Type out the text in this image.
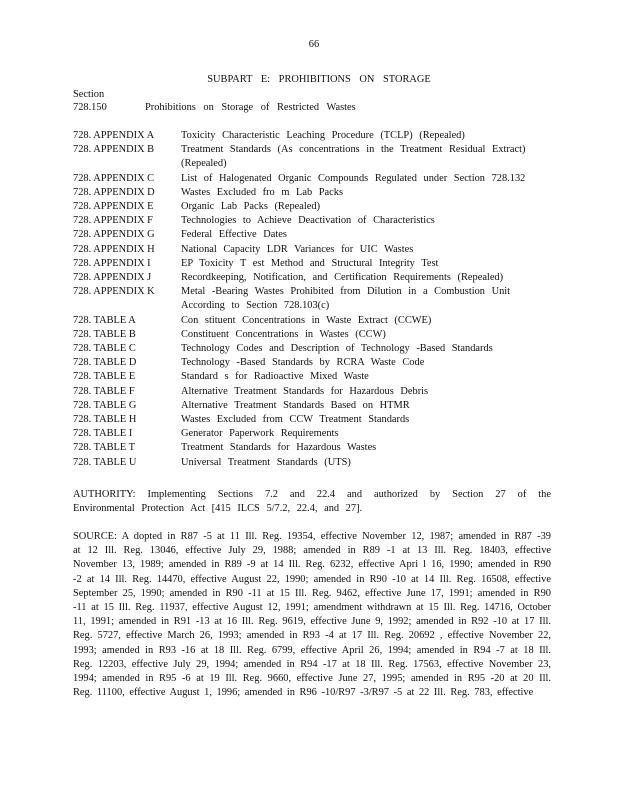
66
SUBPART E: PROHIBITIONS ON STORAGE
Section
728.150	Prohibitions on Storage of Restricted Wastes
728. APPENDIX A	Toxicity Characteristic Leaching Procedure (TCLP) (Repealed)
728. APPENDIX B	Treatment Standards (As concentrations in the Treatment Residual Extract) (Repealed)
728. APPENDIX C	List of Halogenated Organic Compounds Regulated under Section 728.132
728. APPENDIX D	Wastes Excluded fro m Lab Packs
728. APPENDIX E	Organic Lab Packs (Repealed)
728. APPENDIX F	Technologies to Achieve Deactivation of Characteristics
728. APPENDIX G	Federal Effective Dates
728. APPENDIX H	National Capacity LDR Variances for UIC Wastes
728. APPENDIX I	EP Toxicity T est Method and Structural Integrity Test
728. APPENDIX J	Recordkeeping, Notification, and Certification Requirements (Repealed)
728. APPENDIX K	Metal -Bearing Wastes Prohibited from Dilution in a Combustion Unit According to Section 728.103(c)
728. TABLE A	Con stituent Concentrations in Waste Extract (CCWE)
728. TABLE B	Constituent Concentrations in Wastes (CCW)
728. TABLE C	Technology Codes and Description of Technology -Based Standards
728. TABLE D	Technology -Based Standards by RCRA Waste Code
728. TABLE E	Standard s for Radioactive Mixed Waste
728. TABLE F	Alternative Treatment Standards for Hazardous Debris
728. TABLE G	Alternative Treatment Standards Based on HTMR
728. TABLE H	Wastes Excluded from CCW Treatment Standards
728. TABLE I	Generator Paperwork Requirements
728. TABLE T	Treatment Standards for Hazardous Wastes
728. TABLE U	Universal Treatment Standards (UTS)
AUTHORITY: Implementing Sections 7.2 and 22.4 and authorized by Section 27 of the Environmental Protection Act [415 ILCS 5/7.2, 22.4, and 27].
SOURCE: A dopted in R87 -5 at 11 Ill. Reg. 19354, effective November 12, 1987; amended in R87 -39 at 12 Ill. Reg. 13046, effective July 29, 1988; amended in R89 -1 at 13 Ill. Reg. 18403, effective November 13, 1989; amended in R89 -9 at 14 Ill. Reg. 6232, effective Apri l 16, 1990; amended in R90 -2 at 14 Ill. Reg. 14470, effective August 22, 1990; amended in R90 -10 at 14 Ill. Reg. 16508, effective September 25, 1990; amended in R90 -11 at 15 Ill. Reg. 9462, effective June 17, 1991; amended in R90 -11 at 15 Ill. Reg. 11937, effective August 12, 1991; amendment withdrawn at 15 Ill. Reg. 14716, October 11, 1991; amended in R91 -13 at 16 Ill. Reg. 9619, effective June 9, 1992; amended in R92 -10 at 17 Ill. Reg. 5727, effective March 26, 1993; amended in R93 -4 at 17 Ill. Reg. 20692 , effective November 22, 1993; amended in R93 -16 at 18 Ill. Reg. 6799, effective April 26, 1994; amended in R94 -7 at 18 Ill. Reg. 12203, effective July 29, 1994; amended in R94 -17 at 18 Ill. Reg. 17563, effective November 23, 1994; amended in R95 -6 at 19 Ill. Reg. 9660, effective June 27, 1995; amended in R95 -20 at 20 Ill. Reg. 11100, effective August 1, 1996; amended in R96 -10/R97 -3/R97 -5 at 22 Ill. Reg. 783, effective
